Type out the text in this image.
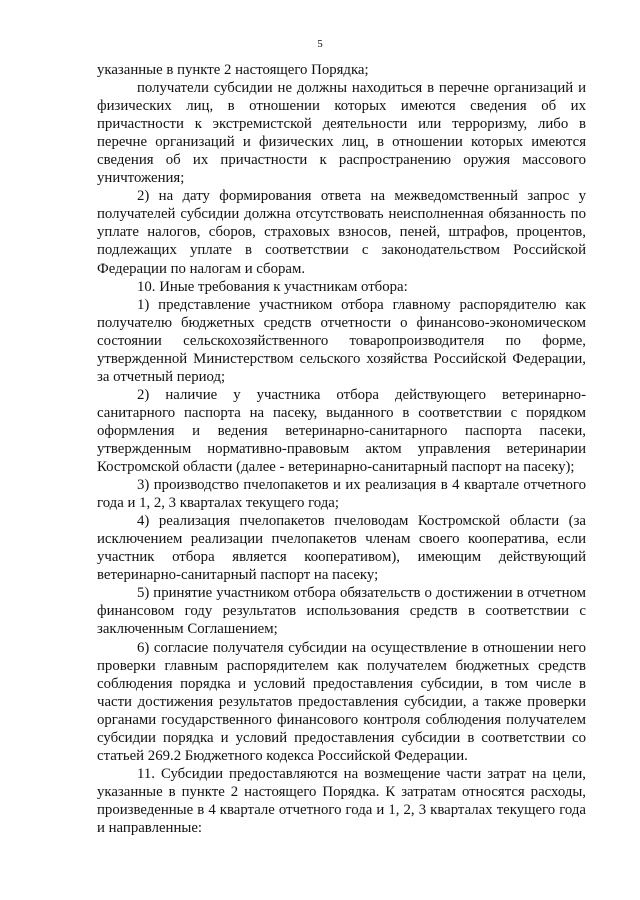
5

указанные в пункте 2 настоящего Порядка;

получатели субсидии не должны находиться в перечне организаций и физических лиц, в отношении которых имеются сведения об их причастности к экстремистской деятельности или терроризму, либо в перечне организаций и физических лиц, в отношении которых имеются сведения об их причастности к распространению оружия массового уничтожения;

2) на дату формирования ответа на межведомственный запрос у получателей субсидии должна отсутствовать неисполненная обязанность по уплате налогов, сборов, страховых взносов, пеней, штрафов, процентов, подлежащих уплате в соответствии с законодательством Российской Федерации по налогам и сборам.

10. Иные требования к участникам отбора:

1) представление участником отбора главному распорядителю как получателю бюджетных средств отчетности о финансово-экономическом состоянии сельскохозяйственного товаропроизводителя по форме, утвержденной Министерством сельского хозяйства Российской Федерации, за отчетный период;

2) наличие у участника отбора действующего ветеринарно-санитарного паспорта на пасеку, выданного в соответствии с порядком оформления и ведения ветеринарно-санитарного паспорта пасеки, утвержденным нормативно-правовым актом управления ветеринарии Костромской области (далее - ветеринарно-санитарный паспорт на пасеку);

3) производство пчелопакетов и их реализация в 4 квартале отчетного года и 1, 2, 3 кварталах текущего года;

4) реализация пчелопакетов пчеловодам Костромской области (за исключением реализации пчелопакетов членам своего кооператива, если участник отбора является кооперативом), имеющим действующий ветеринарно-санитарный паспорт на пасеку;

5) принятие участником отбора обязательств о достижении в отчетном финансовом году результатов использования средств в соответствии с заключенным Соглашением;

6) согласие получателя субсидии на осуществление в отношении него проверки главным распорядителем как получателем бюджетных средств соблюдения порядка и условий предоставления субсидии, в том числе в части достижения результатов предоставления субсидии, а также проверки органами государственного финансового контроля соблюдения получателем субсидии порядка и условий предоставления субсидии в соответствии со статьей 269.2 Бюджетного кодекса Российской Федерации.

11. Субсидии предоставляются на возмещение части затрат на цели, указанные в пункте 2 настоящего Порядка. К затратам относятся расходы, произведенные в 4 квартале отчетного года и 1, 2, 3 кварталах текущего года и направленные:
